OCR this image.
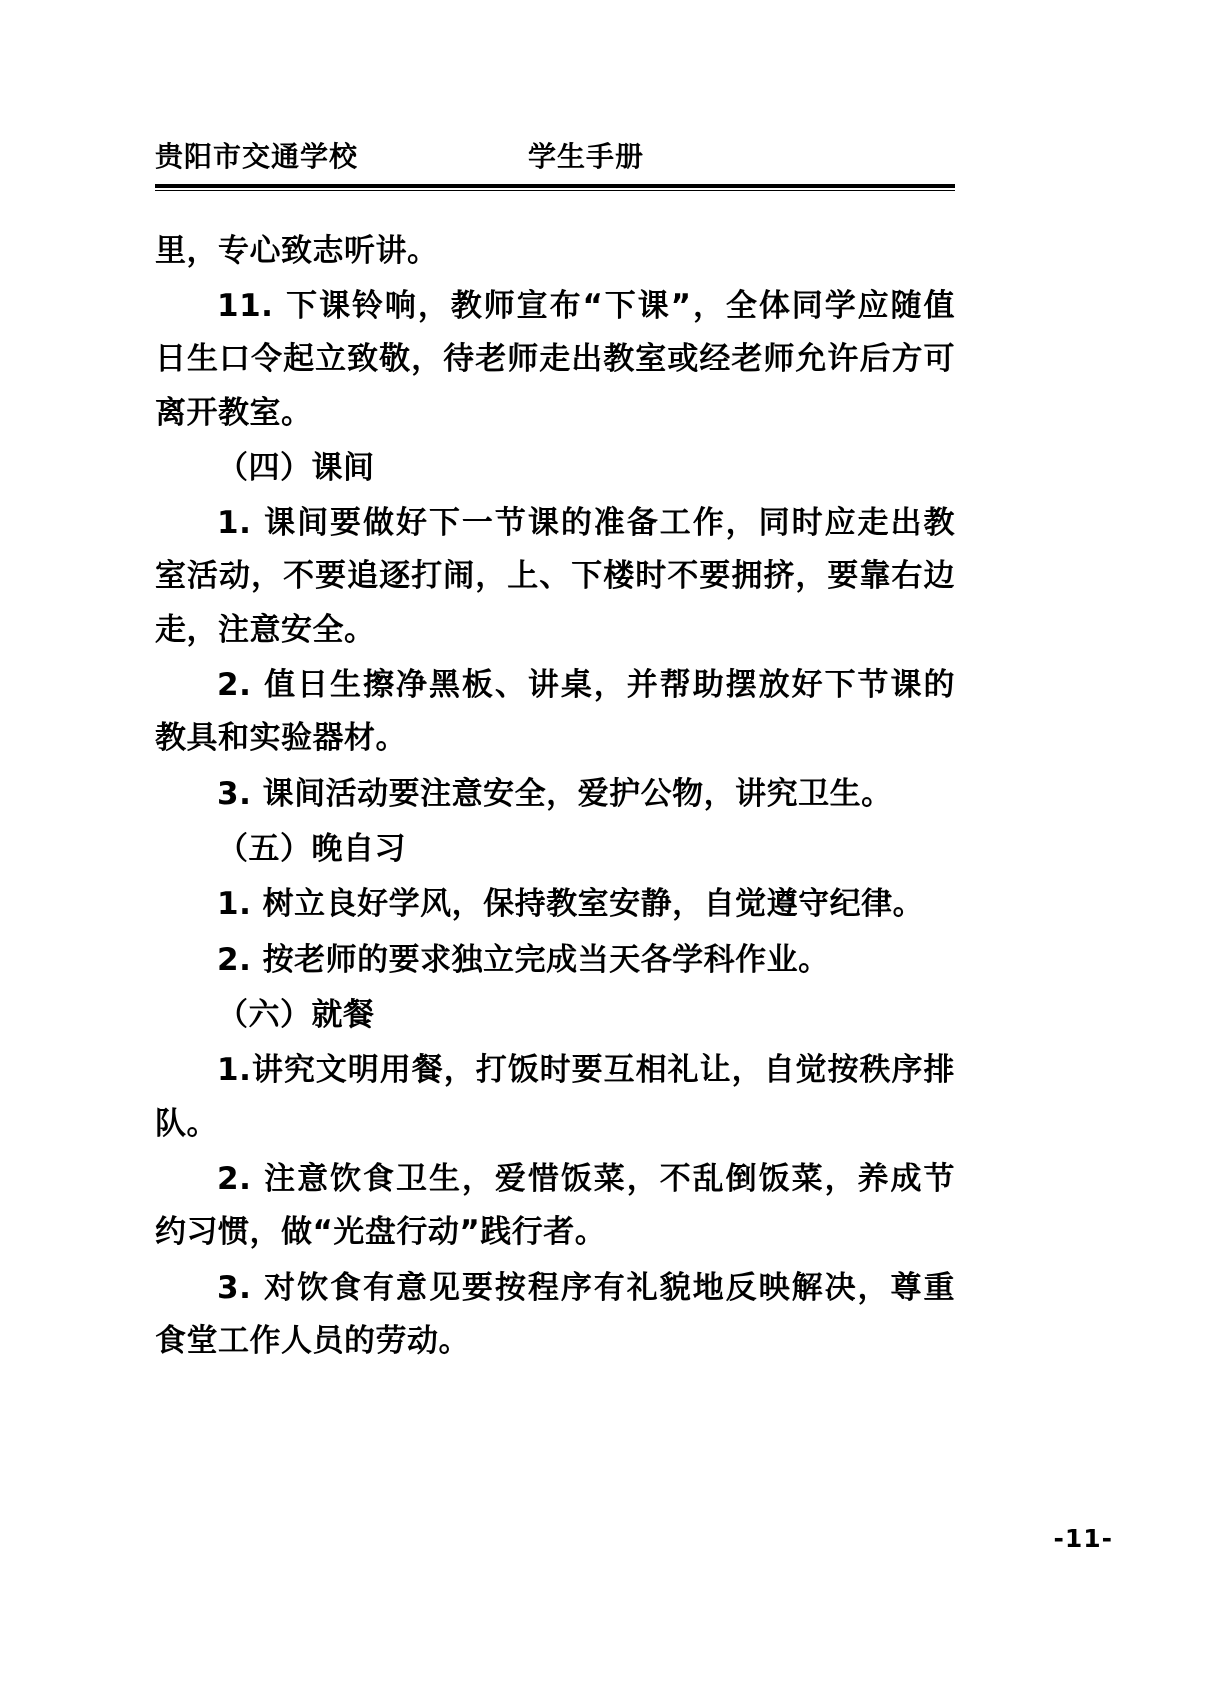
贵阳市交通学校	学生手册

里，专心致志听讲。

11. 下课铃响，教师宣布“下课”，全体同学应随值日生口令起立致敬，待老师走出教室或经老师允许后方可离开教室。

（四）课间

1. 课间要做好下一节课的准备工作，同时应走出教室活动，不要追逐打闹，上、下楼时不要拥挤，要靠右边走，注意安全。

2. 值日生擦净黑板、讲桌，并帮助摆放好下节课的教具和实验器材。

3. 课间活动要注意安全，爱护公物，讲究卫生。

（五）晚自习

1. 树立良好学风，保持教室安静，自觉遵守纪律。

2. 按老师的要求独立完成当天各学科作业。

（六）就餐

1.讲究文明用餐，打饭时要互相礼让，自觉按秩序排队。

2. 注意饮食卫生，爱惜饭菜，不乱倒饭菜，养成节约习惯，做“光盘行动”践行者。

3. 对饮食有意见要按程序有礼貌地反映解决，尊重食堂工作人员的劳动。

-11-
